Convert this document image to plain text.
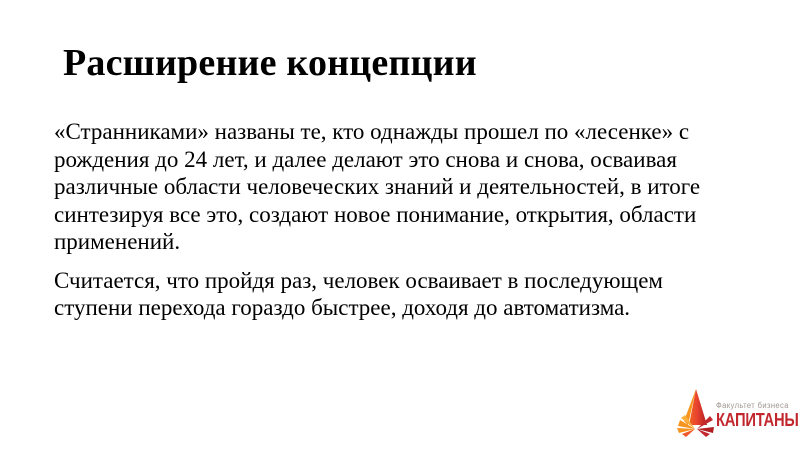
Расширение концепции
«Странниками» названы те, кто однажды прошел по «лесенке» с
рождения до 24 лет, и далее делают это снова и снова, осваивая
различные области человеческих знаний и деятельностей, в итоге
синтезируя все это, создают новое понимание, открытия, области
применений.
Считается, что пройдя раз, человек осваивает в последующем
ступени перехода гораздо быстрее, доходя до автоматизма.
Факультет бизнеса
КАПИТАНЫ
